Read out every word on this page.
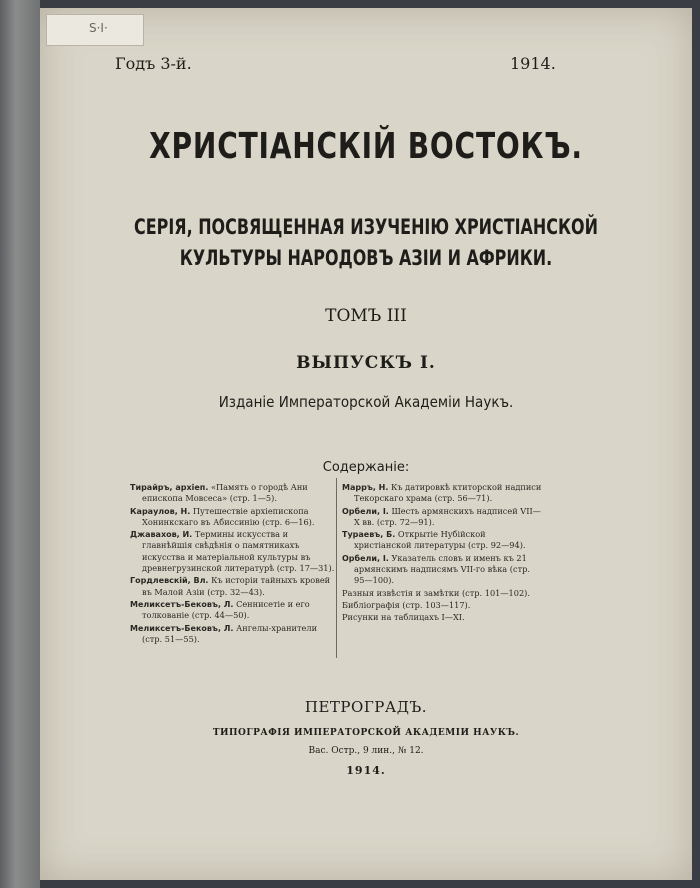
S·I·
Годъ 3-й.	1914.
ХРИСТІАНСКІЙ ВОСТОКЪ.
СЕРІЯ, ПОСВЯЩЕННАЯ ИЗУЧЕНІЮ ХРИСТІАНСКОЙ
КУЛЬТУРЫ НАРОДОВЪ АЗІИ И АФРИКИ.
ТОМЪ III
ВЫПУСКЪ I.
Изданіе Императорской Академіи Наукъ.
Содержаніе:
Тирайръ, архіеп. «Память о городѣ Ани епископа Мовсеса» (стр. 1—5).
Караулов, Н. Путешествіе архіепископа Хонинкскаго въ Абиссинію (стр. 6—16).
Джавахов, И. Термины искусства и главнѣйшія свѣдѣнія о памятникахъ искусства и матеріальной культуры въ древнегрузинской литературѣ (стр. 17—31).
Гордлевскій, Вл. Къ исторіи тайныхъ кровей въ Малой Азіи (стр. 32—43).
Меликсетъ-Бековъ, Л. Сеннисетіе и его толкованіе (стр. 44—50).
Меликсетъ-Бековъ, Л. Ангелы-хранители (стр. 51—55).
Марръ, Н. Къ датировкѣ ктиторской надписи Текорскаго храма (стр. 56—71).
Орбели, I. Шесть армянскихъ надписей VII—X вв. (стр. 72—91).
Тураевъ, Б. Открытіе Нубійской христіанской литературы (стр. 92—94).
Орбели, I. Указатель словъ и именъ къ 21 армянскимъ надписямъ VII-го вѣка (стр. 95—100).
Разныя извѣстія и замѣтки (стр. 101—102).
Библіографія (стр. 103—117).
Рисунки на таблицахъ I—XI.
ПЕТРОГРАДЪ.
ТИПОГРАФІЯ ИМПЕРАТОРСКОЙ АКАДЕМІИ НАУКЪ.
Вас. Остр., 9 лин., № 12.
1914.
